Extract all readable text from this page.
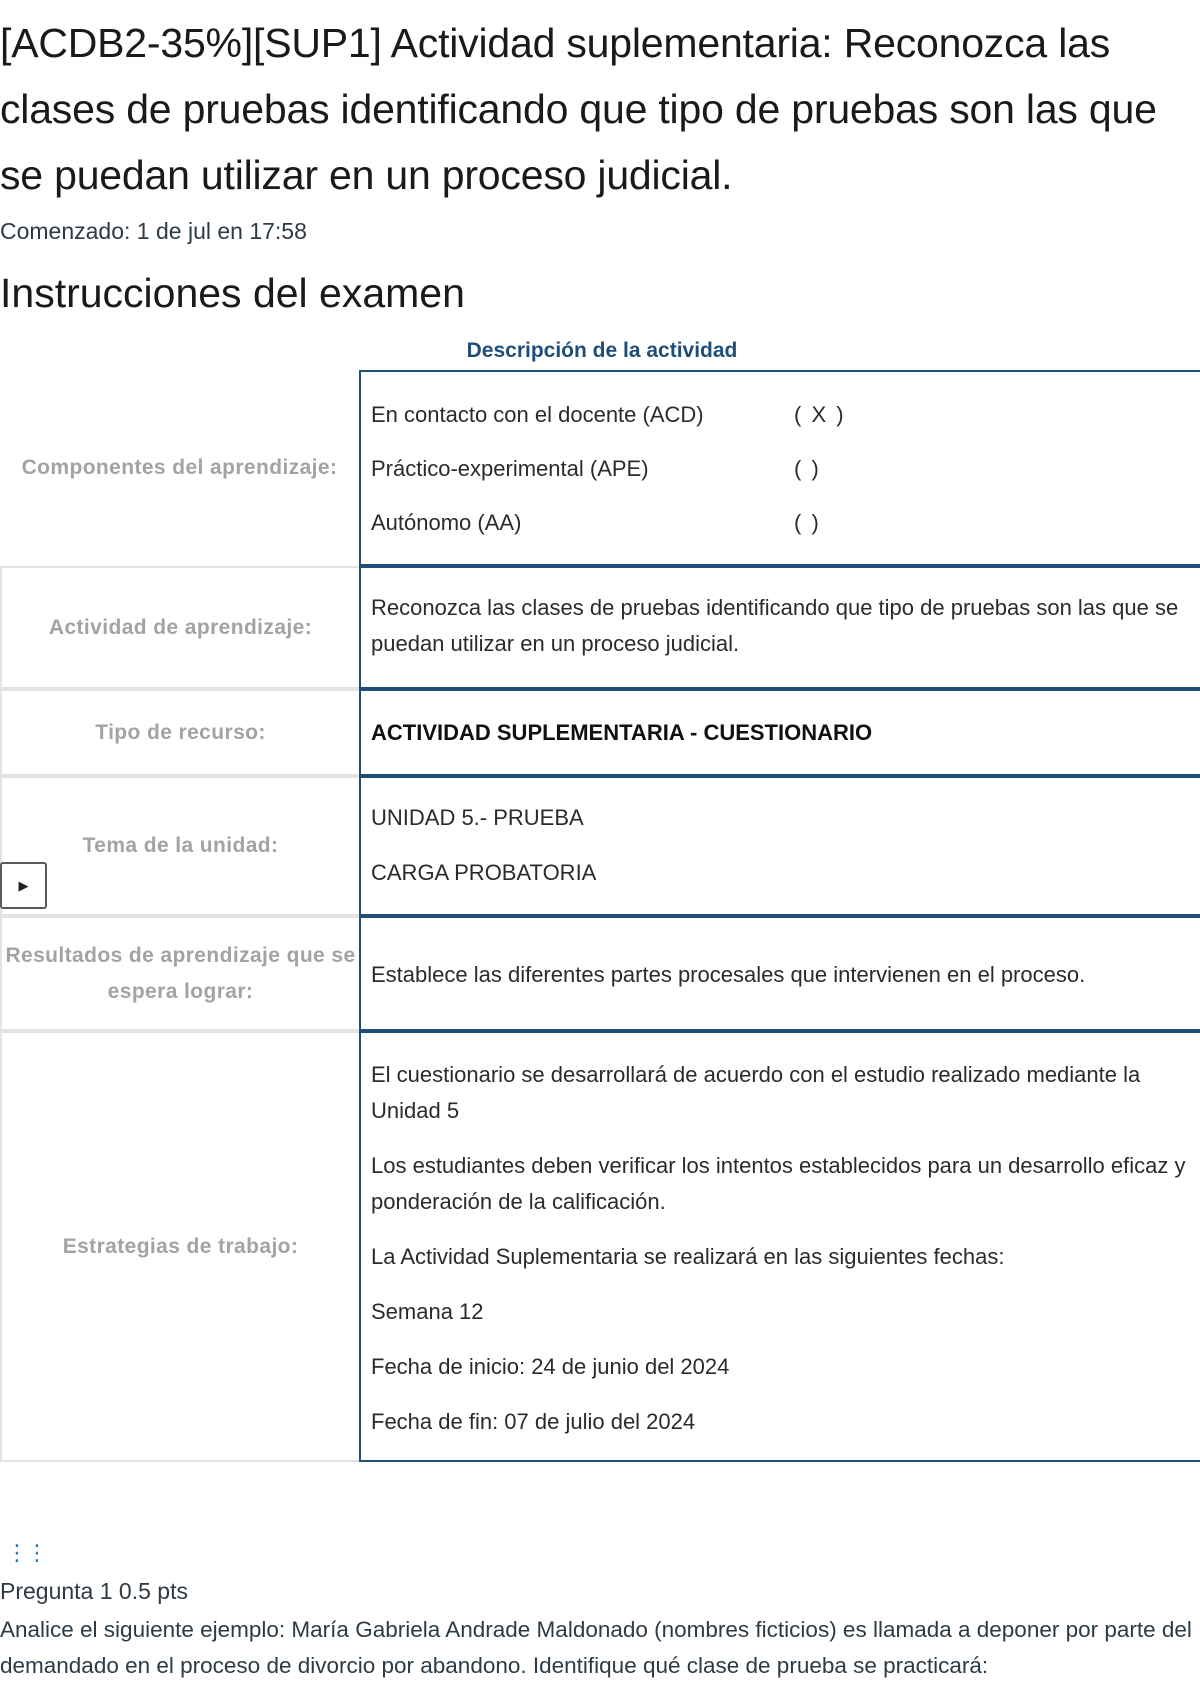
[ACDB2-35%][SUP1] Actividad suplementaria: Reconozca las clases de pruebas identificando que tipo de pruebas son las que se puedan utilizar en un proceso judicial.
Comenzado: 1 de jul en 17:58
Instrucciones del examen
Descripción de la actividad
Componentes del aprendizaje:
En contacto con el docente (ACD)	( X )
Práctico-experimental (APE)	( )
Autónomo (AA)	( )
Actividad de aprendizaje:

Reconozca las clases de pruebas identificando que tipo de pruebas son las que se puedan utilizar en un proceso judicial.

Tipo de recurso:	ACTIVIDAD SUPLEMENTARIA - CUESTIONARIO

Tema de la unidad:

UNIDAD 5.- PRUEBA

CARGA PROBATORIA

Resultados de aprendizaje que se espera lograr:

Establece las diferentes partes procesales que intervienen en el proceso.

Estrategias de trabajo:

El cuestionario se desarrollará de acuerdo con el estudio realizado mediante la Unidad 5

Los estudiantes deben verificar los intentos establecidos para un desarrollo eficaz y ponderación de la calificación.

La Actividad Suplementaria se realizará en las siguientes fechas:

Semana 12

Fecha de inicio: 24 de junio del 2024

Fecha de fin: 07 de julio del 2024

▶
⋮⋮
Pregunta 1 0.5 pts

Analice el siguiente ejemplo: María Gabriela Andrade Maldonado (nombres ficticios) es llamada a deponer por parte del demandado en el proceso de divorcio por abandono. Identifique qué clase de prueba se practicará:
